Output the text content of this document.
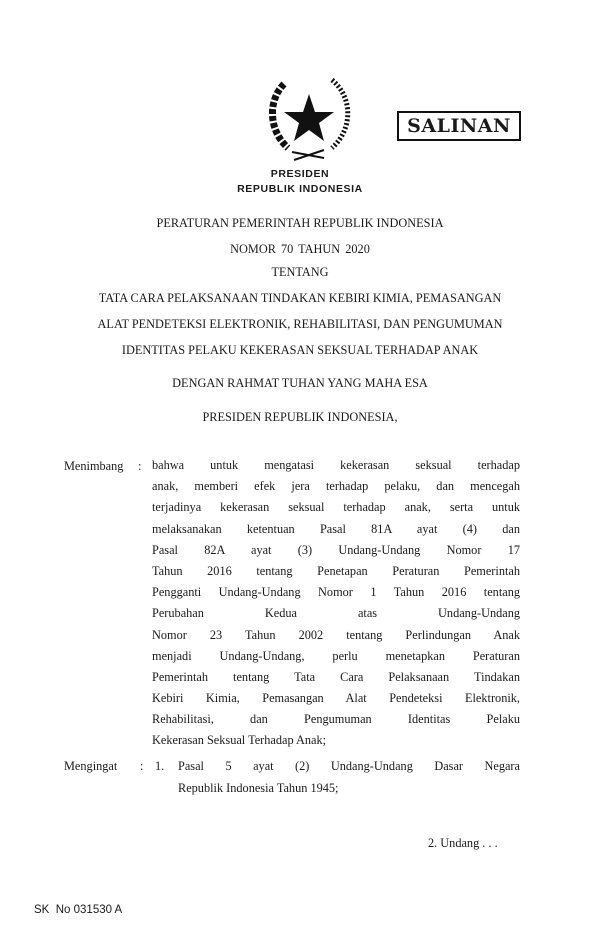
SALINAN
PRESIDEN
REPUBLIK INDONESIA
PERATURAN PEMERINTAH REPUBLIK INDONESIA
NOMOR 70 TAHUN 2020
TENTANG
TATA CARA PELAKSANAAN TINDAKAN KEBIRI KIMIA, PEMASANGAN
ALAT PENDETEKSI ELEKTRONIK, REHABILITASI, DAN PENGUMUMAN
IDENTITAS PELAKU KEKERASAN SEKSUAL TERHADAP ANAK
DENGAN RAHMAT TUHAN YANG MAHA ESA
PRESIDEN REPUBLIK INDONESIA,
Menimbang : bahwa untuk mengatasi kekerasan seksual terhadap
anak, memberi efek jera terhadap pelaku, dan mencegah
terjadinya kekerasan seksual terhadap anak, serta untuk
melaksanakan ketentuan Pasal 81A ayat (4) dan
Pasal 82A ayat (3) Undang-Undang Nomor 17
Tahun 2016 tentang Penetapan Peraturan Pemerintah
Pengganti Undang-Undang Nomor 1 Tahun 2016 tentang
Perubahan Kedua atas Undang-Undang
Nomor 23 Tahun 2002 tentang Perlindungan Anak
menjadi Undang-Undang, perlu menetapkan Peraturan
Pemerintah tentang Tata Cara Pelaksanaan Tindakan
Kebiri Kimia, Pemasangan Alat Pendeteksi Elektronik,
Rehabilitasi, dan Pengumuman Identitas Pelaku
Kekerasan Seksual Terhadap Anak;
Mengingat : 1. Pasal 5 ayat (2) Undang-Undang Dasar Negara
Republik Indonesia Tahun 1945;
2. Undang . . .
SK  No 031530 A
